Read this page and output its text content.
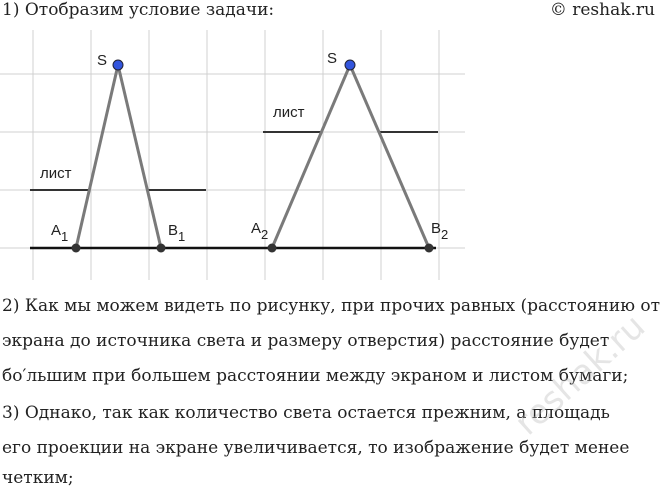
1) Отобразим условие задачи:	© reshak.ru
S
лист
A1	B1
S
лист
A2	B2
2) Как мы можем видеть по рисунку, при прочих равных (расстоянию от
экрана до источника света и размеру отверстия) расстояние будет
бо′льшим при большем расстоянии между экраном и листом бумаги;
3) Однако, так как количество света остается прежним, а площадь
его проекции на экране увеличивается, то изображение будет менее
четким;
reshak.ru
